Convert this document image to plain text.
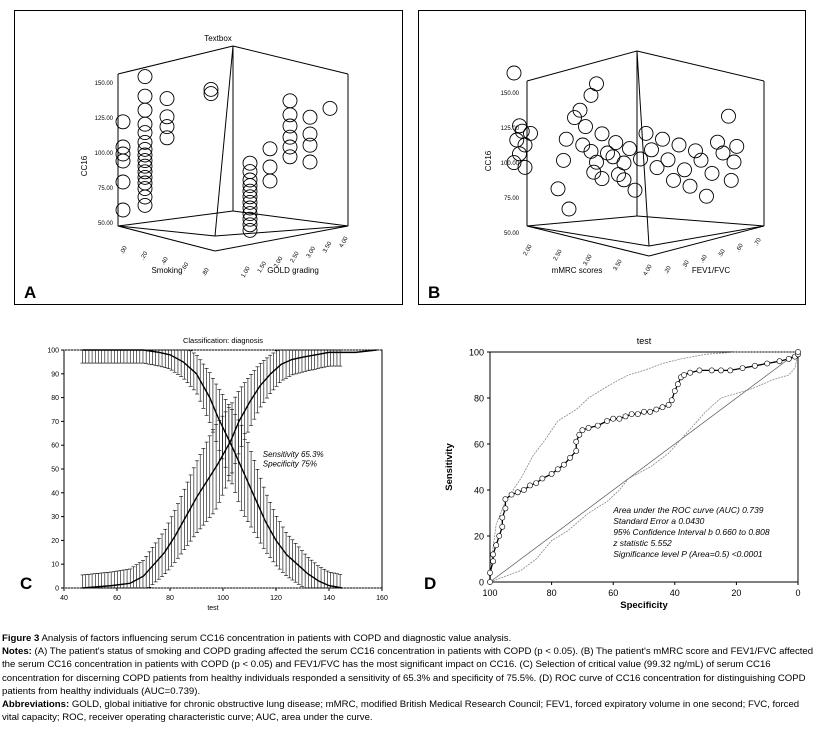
50.00
75.00
100.00
125.00
150.00
.00
.20
.40
.60
.80	1.00 1.50 2.00 2.50 3.00 3.50 4.00
Textbox
Smoking	GOLD grading
CC16
A
50.00
75.00
100.00
125.00
150.00
2.00	2.50	3.00	3.50	4.00 .20
.30
.40
.50
.60
.70
mMRC scores	FEV1/FVC
CC16
B
Classification: diagnosis
0
10
20
30
40
50
60
70
80
90
100
40	60	80	100	120	140	160
test
Sensitivity 65.3%
Specificity 75%
C
test
0
20
40
60
80
100
100	80	60	40	20	0
Specificity
Sensitivity
Area under the ROC curve (AUC) 0.739
Standard Error a 0.0430
95% Confidence Interval b 0.660 to 0.808
z statistic 5.552
Significance level P (Area=0.5) <0.0001
D

Figure 3 Analysis of factors influencing serum CC16 concentration in patients with COPD and diagnostic value analysis.

Notes: (A) The patient's status of smoking and COPD grading affected the serum CC16 concentration in patients with COPD (p < 0.05). (B) The patient's mMRC score and FEV1/FVC affected the serum CC16 concentration in patients with COPD (p < 0.05) and FEV1/FVC has the most significant impact on CC16. (C) Selection of critical value (99.32 ng/mL) of serum CC16 concentration for discerning COPD patients from healthy individuals responded a sensitivity of 65.3% and specificity of 75.5%. (D) ROC curve of CC16 concentration for distinguishing COPD patients from healthy individuals (AUC=0.739).

Abbreviations: GOLD, global initiative for chronic obstructive lung disease; mMRC, modified British Medical Research Council; FEV1, forced expiratory volume in one second; FVC, forced vital capacity; ROC, receiver operating characteristic curve; AUC, area under the curve.
